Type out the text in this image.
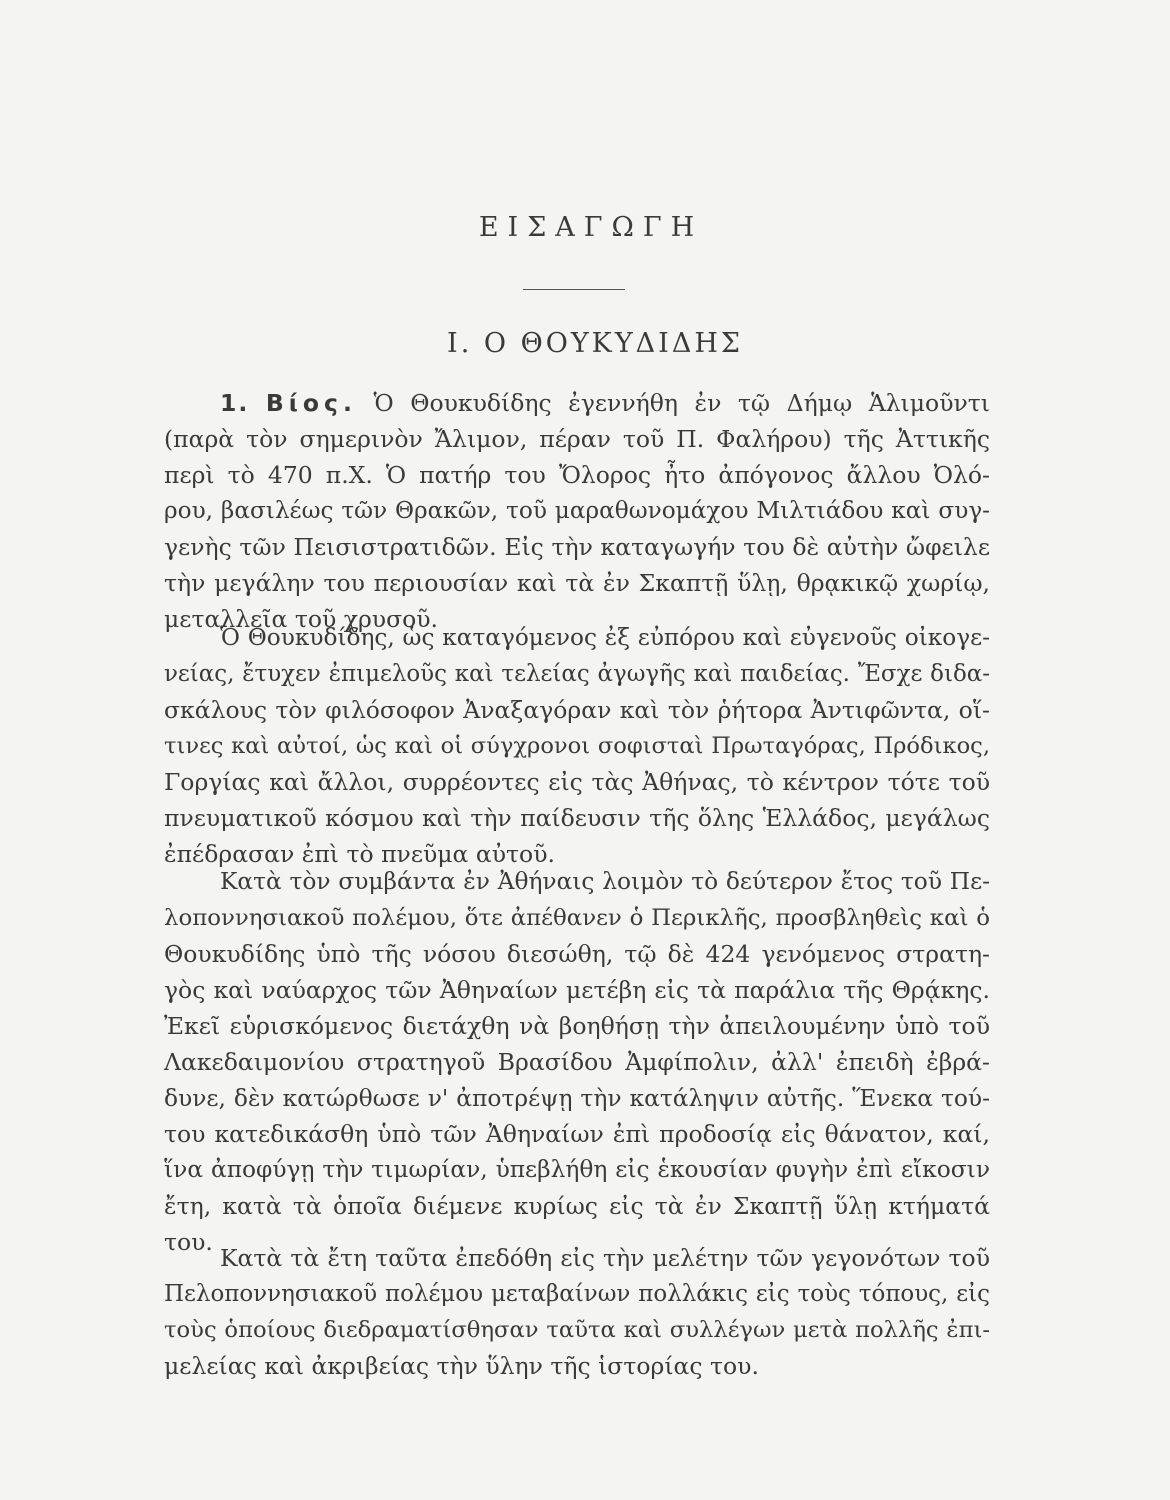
ΕΙΣΑΓΩΓΗ
I. Ο ΘΟΥΚΥΔΙΔΗΣ
1. Βίος. Ὁ Θουκυδίδης ἐγεννήθη ἐν τῷ Δήμῳ Ἁλιμοῦντι
(παρὰ τὸν σημερινὸν Ἄλιμον, πέραν τοῦ Π. Φαλήρου) τῆς Ἀττικῆς
περὶ τὸ 470 π.Χ. Ὁ πατήρ του Ὄλορος ἦτο ἀπόγονος ἄλλου Ὀλό-
ρου, βασιλέως τῶν Θρακῶν, τοῦ μαραθωνομάχου Μιλτιάδου καὶ συγ-
γενὴς τῶν Πεισιστρατιδῶν. Εἰς τὴν καταγωγήν του δὲ αὐτὴν ὤφειλε
τὴν μεγάλην του περιουσίαν καὶ τὰ ἐν Σκαπτῇ ὕλῃ, θρᾳκικῷ χωρίῳ,
μεταλλεῖα τοῦ χρυσοῦ.
Ὁ Θουκυδίδης, ὡς καταγόμενος ἐξ εὐπόρου καὶ εὐγενοῦς οἰκογε-
νείας, ἔτυχεν ἐπιμελοῦς καὶ τελείας ἀγωγῆς καὶ παιδείας. Ἔσχε διδα-
σκάλους τὸν φιλόσοφον Ἀναξαγόραν καὶ τὸν ῥήτορα Ἀντιφῶντα, οἵ-
τινες καὶ αὐτοί, ὡς καὶ οἱ σύγχρονοι σοφισταὶ Πρωταγόρας, Πρόδικος,
Γοργίας καὶ ἄλλοι, συρρέοντες εἰς τὰς Ἀθήνας, τὸ κέντρον τότε τοῦ
πνευματικοῦ κόσμου καὶ τὴν παίδευσιν τῆς ὅλης Ἑλλάδος, μεγάλως
ἐπέδρασαν ἐπὶ τὸ πνεῦμα αὐτοῦ.
Κατὰ τὸν συμβάντα ἐν Ἀθήναις λοιμὸν τὸ δεύτερον ἔτος τοῦ Πε-
λοποννησιακοῦ πολέμου, ὅτε ἀπέθανεν ὁ Περικλῆς, προσβληθεὶς καὶ ὁ
Θουκυδίδης ὑπὸ τῆς νόσου διεσώθη, τῷ δὲ 424 γενόμενος στρατη-
γὸς καὶ ναύαρχος τῶν Ἀθηναίων μετέβη εἰς τὰ παράλια τῆς Θρᾴκης.
Ἐκεῖ εὑρισκόμενος διετάχθη νὰ βοηθήσῃ τὴν ἀπειλουμένην ὑπὸ τοῦ
Λακεδαιμονίου στρατηγοῦ Βρασίδου Ἀμφίπολιν, ἀλλ' ἐπειδὴ ἐβρά-
δυνε, δὲν κατώρθωσε ν' ἀποτρέψῃ τὴν κατάληψιν αὐτῆς. Ἕνεκα τού-
του κατεδικάσθη ὑπὸ τῶν Ἀθηναίων ἐπὶ προδοσίᾳ εἰς θάνατον, καί,
ἵνα ἀποφύγῃ τὴν τιμωρίαν, ὑπεβλήθη εἰς ἑκουσίαν φυγὴν ἐπὶ εἴκοσιν
ἔτη, κατὰ τὰ ὁποῖα διέμενε κυρίως εἰς τὰ ἐν Σκαπτῇ ὕλῃ κτήματά
του.
Κατὰ τὰ ἔτη ταῦτα ἐπεδόθη εἰς τὴν μελέτην τῶν γεγονότων τοῦ
Πελοποννησιακοῦ πολέμου μεταβαίνων πολλάκις εἰς τοὺς τόπους, εἰς
τοὺς ὁποίους διεδραματίσθησαν ταῦτα καὶ συλλέγων μετὰ πολλῆς ἐπι-
μελείας καὶ ἀκριβείας τὴν ὕλην τῆς ἱστορίας του.
